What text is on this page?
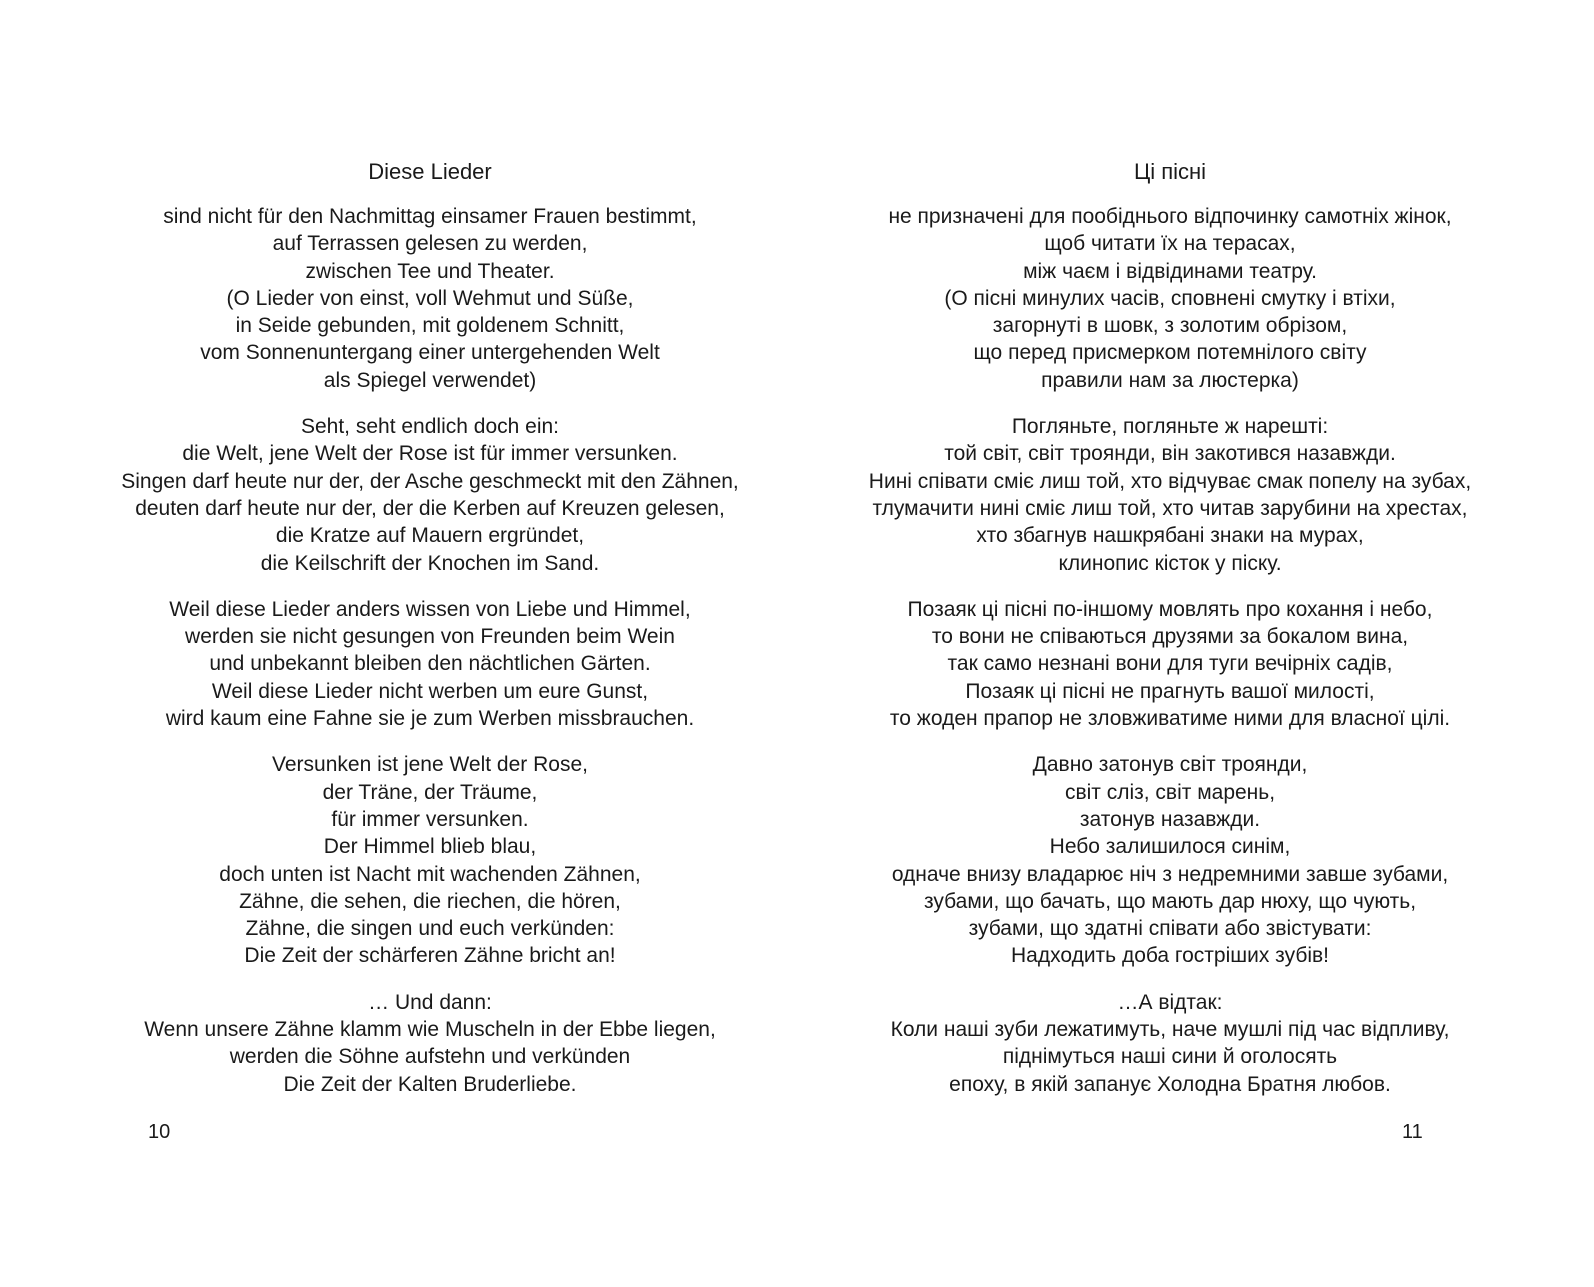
Diese Lieder
sind nicht für den Nachmittag einsamer Frauen bestimmt,
auf Terrassen gelesen zu werden,
zwischen Tee und Theater.
(O Lieder von einst, voll Wehmut und Süße,
in Seide gebunden, mit goldenem Schnitt,
vom Sonnenuntergang einer untergehenden Welt
als Spiegel verwendet)
Seht, seht endlich doch ein:
die Welt, jene Welt der Rose ist für immer versunken.
Singen darf heute nur der, der Asche geschmeckt mit den Zähnen,
deuten darf heute nur der, der die Kerben auf Kreuzen gelesen,
die Kratze auf Mauern ergründet,
die Keilschrift der Knochen im Sand.
Weil diese Lieder anders wissen von Liebe und Himmel,
werden sie nicht gesungen von Freunden beim Wein
und unbekannt bleiben den nächtlichen Gärten.
Weil diese Lieder nicht werben um eure Gunst,
wird kaum eine Fahne sie je zum Werben missbrauchen.
Versunken ist jene Welt der Rose,
der Träne, der Träume,
für immer versunken.
Der Himmel blieb blau,
doch unten ist Nacht mit wachenden Zähnen,
Zähne, die sehen, die riechen, die hören,
Zähne, die singen und euch verkünden:
Die Zeit der schärferen Zähne bricht an!
… Und dann:
Wenn unsere Zähne klamm wie Muscheln in der Ebbe liegen,
werden die Söhne aufstehn und verkünden
Die Zeit der Kalten Bruderliebe.
Ці пісні
не призначені для пообіднього відпочинку самотніх жінок,
щоб читати їх на терасах,
між чаєм і відвідинами театру.
(О пісні минулих часів, сповнені смутку і втіхи,
загорнуті в шовк, з золотим обрізом,
що перед присмерком потемнілого світу
правили нам за люстерка)
Погляньте, погляньте ж нарешті:
той світ, світ троянди, він закотився назавжди.
Нині співати сміє лиш той, хто відчуває смак попелу на зубах,
тлумачити нині сміє лиш той, хто читав зарубини на хрестах,
хто збагнув нашкрябані знаки на мурах,
клинопис кісток у піску.
Позаяк ці пісні по-іншому мовлять про кохання і небо,
то вони не співаються друзями за бокалом вина,
так само незнані вони для туги вечірніх садів,
Позаяк ці пісні не прагнуть вашої милості,
то жоден прапор не зловживатиме ними для власної цілі.
Давно затонув світ троянди,
світ сліз, світ марень,
затонув назавжди.
Небо залишилося синім,
одначе внизу владарює ніч з недремними завше зубами,
зубами, що бачать, що мають дар нюху, що чують,
зубами, що здатні співати або звістувати:
Надходить доба гостріших зубів!
…А відтак:
Коли наші зуби лежатимуть, наче мушлі під час відпливу,
піднімуться наші сини й оголосять
епоху, в якій запанує Холодна Братня любов.
10	11
